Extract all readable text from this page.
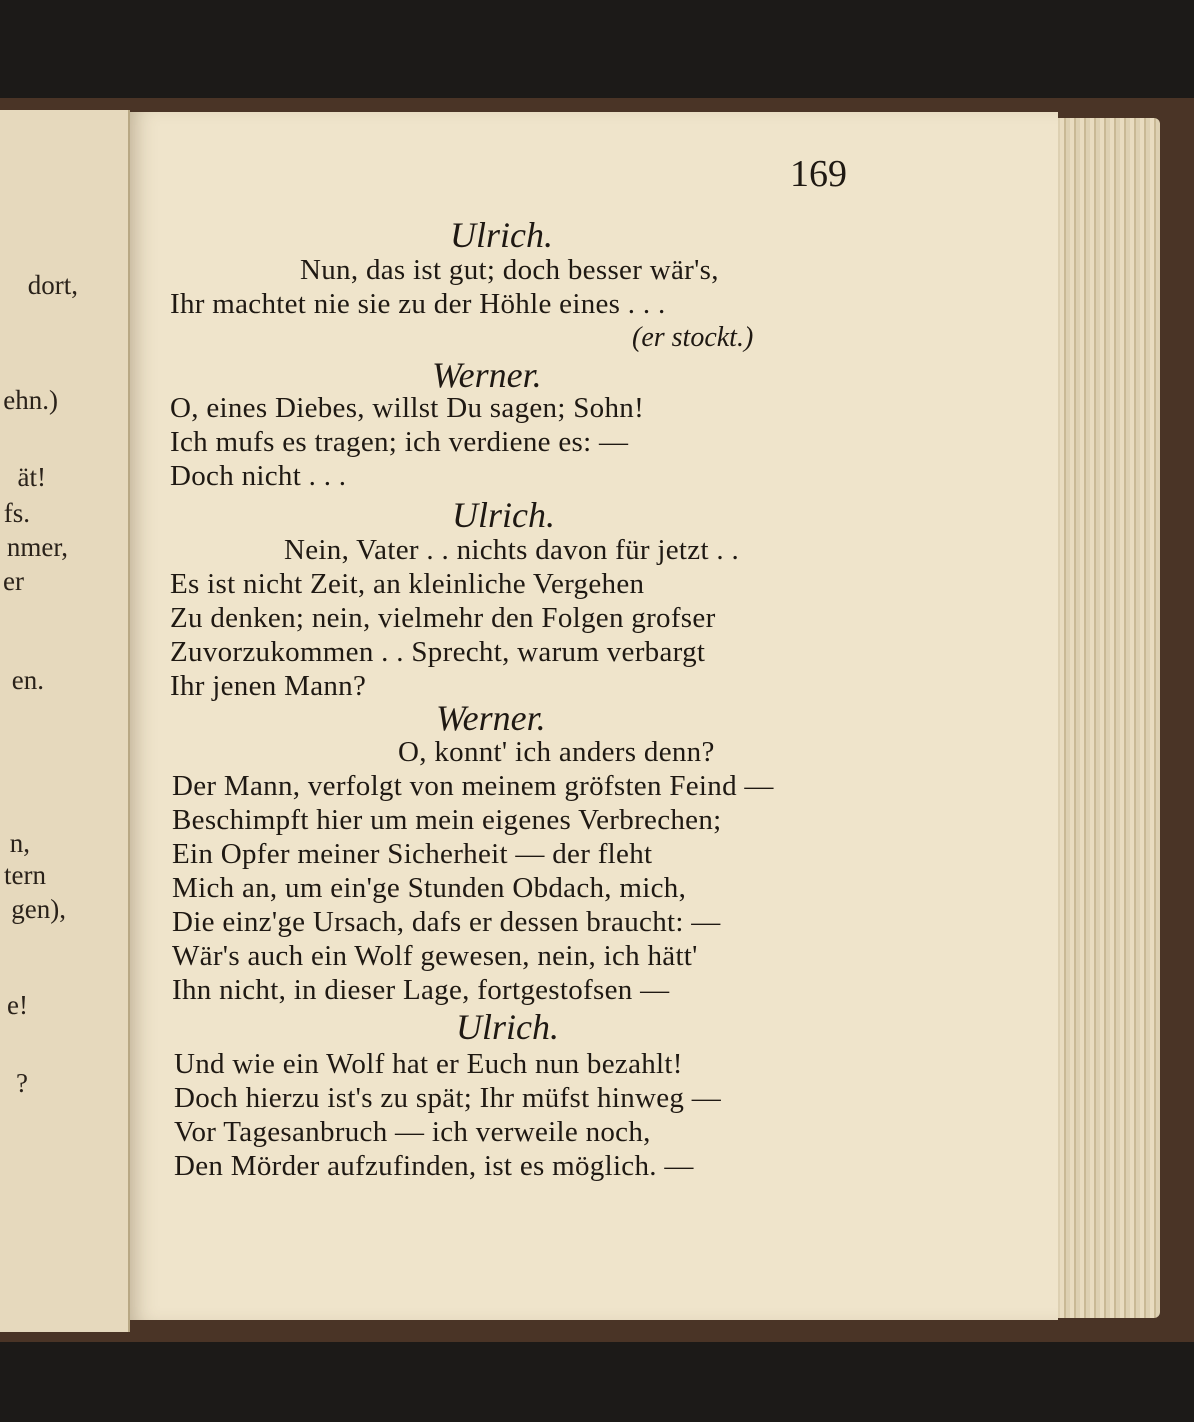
dort,
ehn.)
ät!
fs.
nmer,
er
en.
n,
tern
gen),
e!
?
169
Ulrich.
Nun, das ist gut; doch besser wär's,
Ihr machtet nie sie zu der Höhle eines . . .
(er stockt.)
Werner.
O, eines Diebes, willst Du sagen; Sohn!
Ich mufs es tragen; ich verdiene es: —
Doch nicht . . .
Ulrich.
Nein, Vater . . nichts davon für jetzt . .
Es ist nicht Zeit, an kleinliche Vergehen
Zu denken; nein, vielmehr den Folgen grofser
Zuvorzukommen . . Sprecht, warum verbargt
Ihr jenen Mann?
Werner.
O, konnt' ich anders denn?
Der Mann, verfolgt von meinem gröfsten Feind —
Beschimpft hier um mein eigenes Verbrechen;
Ein Opfer meiner Sicherheit — der fleht
Mich an, um ein'ge Stunden Obdach, mich,
Die einz'ge Ursach, dafs er dessen braucht: —
Wär's auch ein Wolf gewesen, nein, ich hätt'
Ihn nicht, in dieser Lage, fortgestofsen —
Ulrich.
Und wie ein Wolf hat er Euch nun bezahlt!
Doch hierzu ist's zu spät; Ihr müfst hinweg —
Vor Tagesanbruch — ich verweile noch,
Den Mörder aufzufinden, ist es möglich. —
